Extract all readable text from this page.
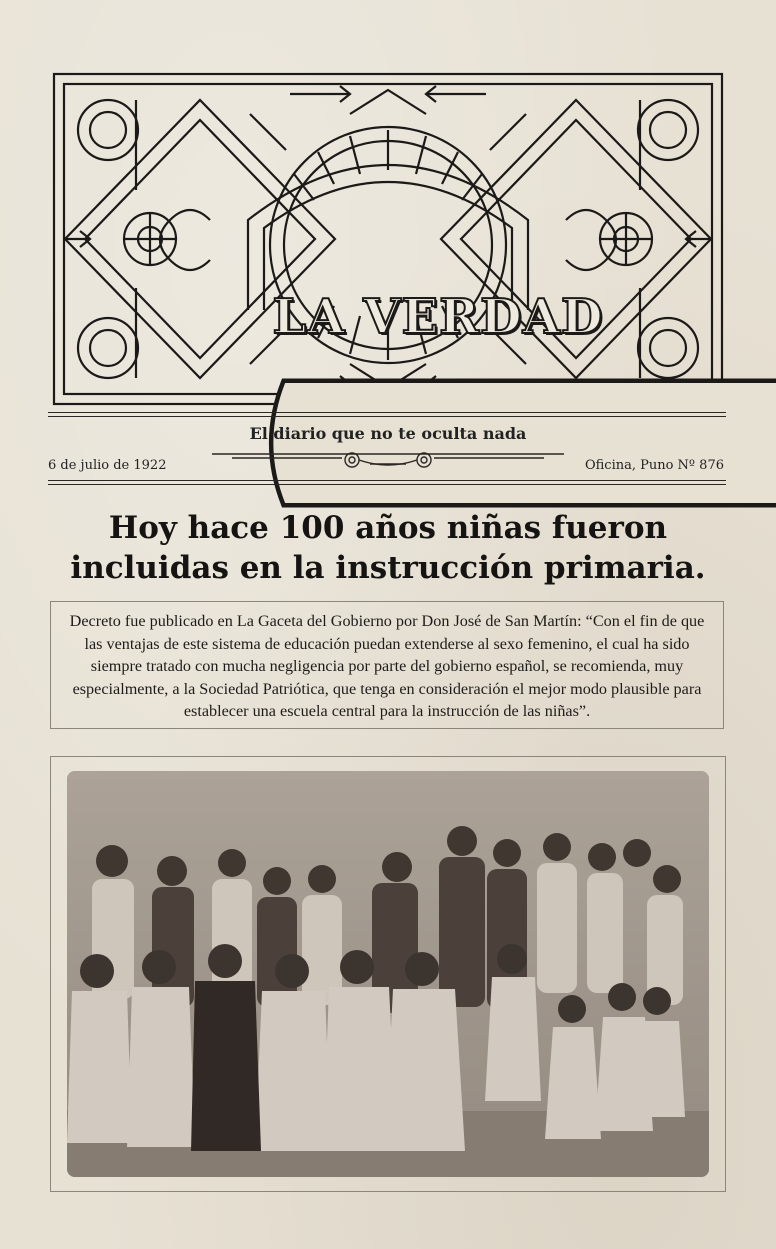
LA VERDAD
El diario que no te oculta nada
6 de julio de 1922	Oficina, Puno Nº 876
Hoy hace 100 años niñas fueron
incluidas en la instrucción primaria.
Decreto fue publicado en La Gaceta del Gobierno por Don José de San Martín: “Con el fin de que las ventajas de este sistema de educación puedan extenderse al sexo femenino, el cual ha sido siempre tratado con mucha negligencia por parte del gobierno español, se recomienda, muy especialmente, a la Sociedad Patriótica, que tenga en consideración el mejor modo plausible para establecer una escuela central para la instrucción de las niñas”.
